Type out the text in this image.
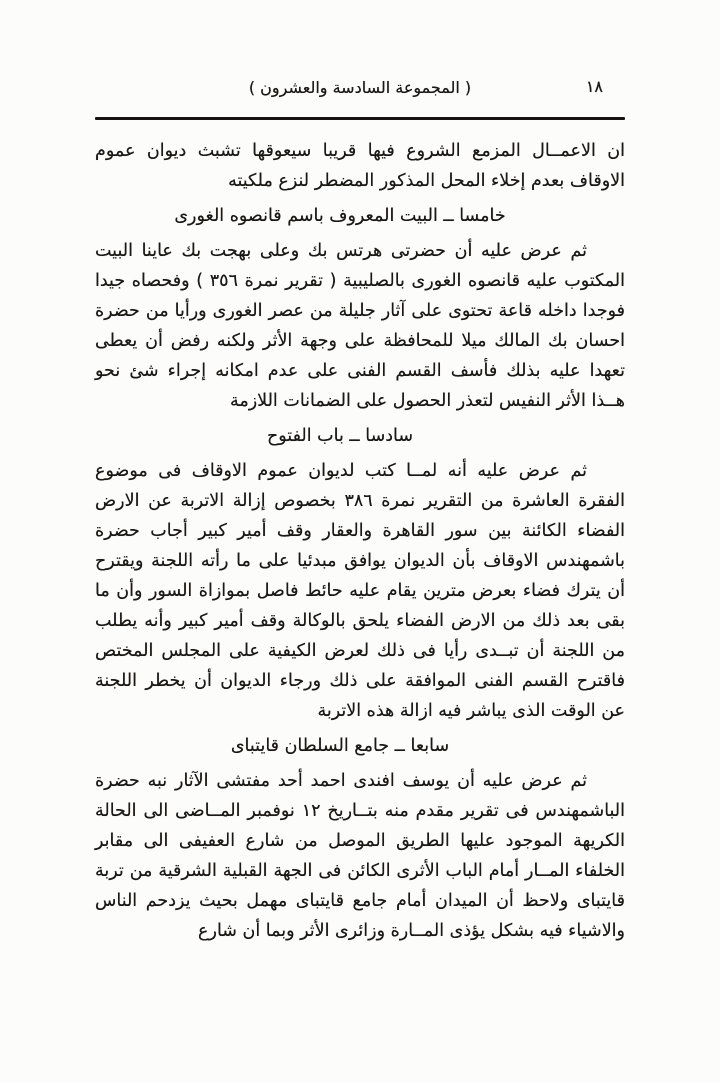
( المجموعة السادسة والعشرون )	١٨

ان الاعمــال المزمع الشروع فيها قريبا سيعوقها تشبث ديوان عموم الاوقاف بعدم إخلاء المحل المذكور المضطر لنزع ملكيته

خامسا ــ البيت المعروف باسم قانصوه الغورى

ثم عرض عليه أن حضرتى هرتس بك وعلى بهجت بك عاينا البيت المكتوب عليه قانصوه الغورى بالصليبية ( تقرير نمرة ٣٥٦ ) وفحصاه جيدا فوجدا داخله قاعة تحتوى على آثار جليلة من عصر الغورى ورأيا من حضرة احسان بك المالك ميلا للمحافظة على وجهة الأثر ولكنه رفض أن يعطى تعهدا عليه بذلك فأسف القسم الفنى على عدم امكانه إجراء شئ نحو هــذا الأثر النفيس لتعذر الحصول على الضمانات اللازمة

سادسا ــ باب الفتوح

ثم عرض عليه أنه لمــا كتب لديوان عموم الاوقاف فى موضوع الفقرة العاشرة من التقرير نمرة ٣٨٦ بخصوص إزالة الاتربة عن الارض الفضاء الكائنة بين سور القاهرة والعقار وقف أمير كبير أجاب حضرة باشمهندس الاوقاف بأن الديوان يوافق مبدئيا على ما رأته اللجنة ويقترح أن يترك فضاء بعرض مترين يقام عليه حائط فاصل بموازاة السور وأن ما بقى بعد ذلك من الارض الفضاء يلحق بالوكالة وقف أمير كبير وأنه يطلب من اللجنة أن تبــدى رأيا فى ذلك لعرض الكيفية على المجلس المختص فاقترح القسم الفنى الموافقة على ذلك ورجاء الديوان أن يخطر اللجنة عن الوقت الذى يباشر فيه ازالة هذه الاتربة

سابعا ــ جامع السلطان قايتباى

ثم عرض عليه أن يوسف افندى احمد أحد مفتشى الآثار نبه حضرة الباشمهندس فى تقرير مقدم منه بتــاريخ ١٢ نوفمبر المــاضى الى الحالة الكريهة الموجود عليها الطريق الموصل من شارع العفيفى الى مقابر الخلفاء المــار أمام الباب الأثرى الكائن فى الجهة القبلية الشرقية من تربة قايتباى ولاحظ أن الميدان أمام جامع قايتباى مهمل بحيث يزدحم الناس والاشياء فيه بشكل يؤذى المــارة وزائرى الأثر وبما أن شارع
